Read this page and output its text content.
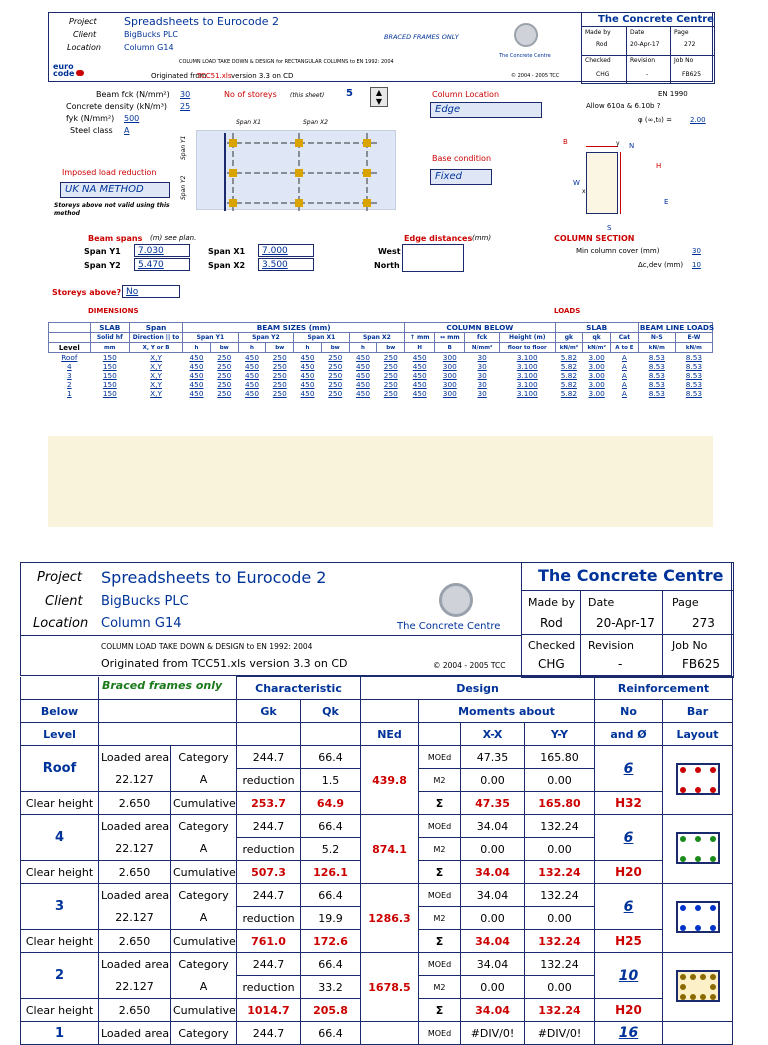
Project Spreadsheets to Eurocode 2
Client	BigBucks PLC
Location	Column G14
BRACED FRAMES ONLY
COLUMN LOAD TAKE DOWN & DESIGN for RECTANGULAR COLUMNS to EN 1992: 2004
euro code	Originated from
TCC51.xls version 3.3 on CD	© 2004 - 2005 TCC
The Concrete Centre
The Concrete Centre
Made by	Date	Page
Rod	20-Apr-17	272
Checked	Revision	Job No
CHG	-	FB625
Beam fck (N/mm²) 30
Concrete density (kN/m³) 25
fyk (N/mm²) 500
Steel class A
No of storeys (this sheet) 5	▲
▼
Imposed load reduction
UK NA METHOD
Storeys above not valid using this method
Span X1	Span X2
Span Y1
Span Y2
Column Location
Edge
Base condition
Fixed
EN 1990
Allow 610a & 6.10b ?
φ (∞,t₀) =	2.00
B
H
N
S
E
W
x
y
Beam spans (m) see plan.
Span Y1	7.030
Span Y2	5.470
Span X1	7.000
Span X2	3.500
Edge distances (mm)
West
North
COLUMN SECTION
Min column cover (mm)	30
Δc,dev (mm) 10
Storeys above? No
DIMENSIONS	LOADS
	SLAB	Span	BEAM SIZES (mm)								COLUMN BELOW				SLAB			BEAM LINE LOADS	
	Solid hf	Direction || to	Span Y1		Span Y2		Span X1		Span X2		↑ mm	↔ mm	fck	Height (m)	gk	qk	Cat	N-S	E-W
Level	mm	X, Y or B	h	bw	h	bw	h	bw	h	bw	H	B	N/mm²	floor to floor	kN/m²	kN/m²	A to E	kN/m	kN/m
Roof	150	X,Y	450	250	450	250	450	250	450	250	450	300	30	3.100	5.82	3.00	A	8.53	8.53
4	150	X,Y	450	250	450	250	450	250	450	250	450	300	30	3.100	5.82	3.00	A	8.53	8.53
3	150	X,Y	450	250	450	250	450	250	450	250	450	300	30	3.100	5.82	3.00	A	8.53	8.53
2	150	X,Y	450	250	450	250	450	250	450	250	450	300	30	3.100	5.82	3.00	A	8.53	8.53
1	150	X,Y	450	250	450	250	450	250	450	250	450	300	30	3.100	5.82	3.00	A	8.53	8.53
Project Spreadsheets to Eurocode 2
Client BigBucks PLC
Location Column G14
COLUMN LOAD TAKE DOWN & DESIGN to EN 1992: 2004
Originated from TCC51.xls version 3.3 on CD	© 2004 - 2005 TCC
The Concrete Centre
The Concrete Centre
Made by Date	Page
Rod	20-Apr-17	273
Checked Revision	Job No
CHG	-	FB625
Braced frames only
			Characteristic		Design				Reinforcement	
Below			Gk	Qk		Moments about			No	Bar
Level					NEd		X-X	Y-Y	and Ø	Layout
Roof	Loaded area	Category	244.7	66.4	439.8	MOEd	47.35	165.80	6	

	22.127	A	reduction	1.5		M2	0.00	0.00		
Clear height	2.650	Cumulative	253.7	64.9		Σ	47.35	165.80	H32	
4	Loaded area	Category	244.7	66.4	874.1	MOEd	34.04	132.24	6	

	22.127	A	reduction	5.2		M2	0.00	0.00		
Clear height	2.650	Cumulative	507.3	126.1		Σ	34.04	132.24	H20	
3	Loaded area	Category	244.7	66.4	1286.3	MOEd	34.04	132.24	6	

	22.127	A	reduction	19.9		M2	0.00	0.00		
Clear height	2.650	Cumulative	761.0	172.6		Σ	34.04	132.24	H25	
2	Loaded area	Category	244.7	66.4	1678.5	MOEd	34.04	132.24	10	

	22.127	A	reduction	33.2		M2	0.00	0.00		
Clear height	2.650	Cumulative	1014.7	205.8		Σ	34.04	132.24	H20	
1	Loaded area	Category	244.7	66.4		MOEd	#DIV/0!	#DIV/0!	16	
